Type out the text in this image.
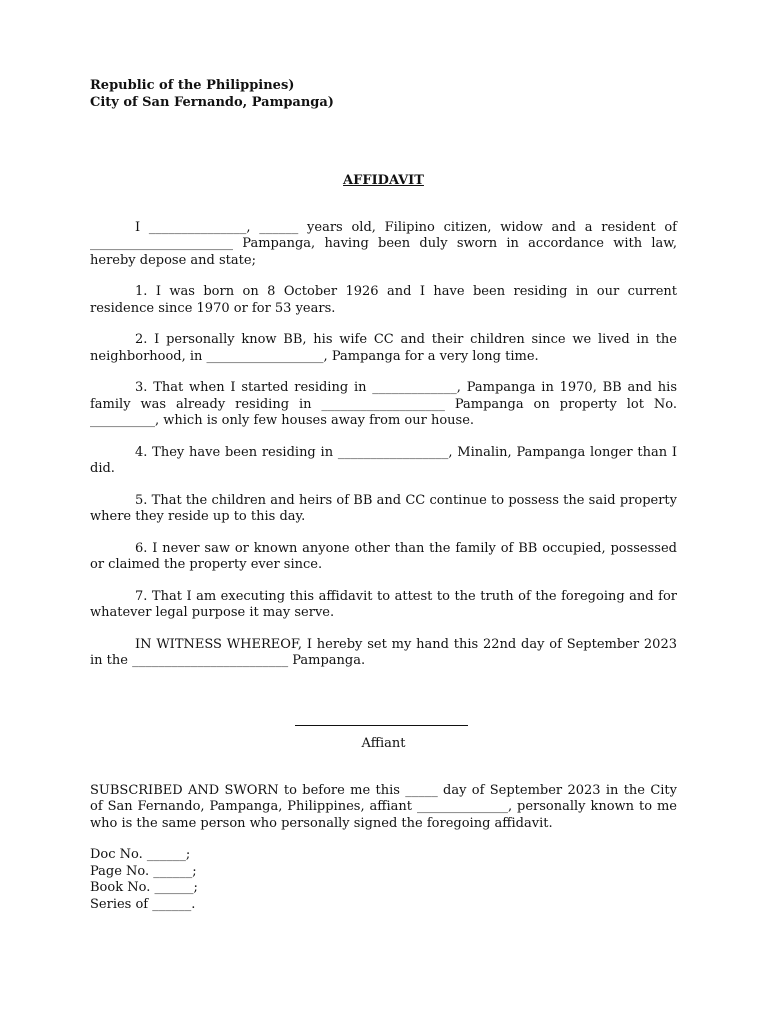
Republic of the Philippines)

City of San Fernando, Pampanga)

AFFIDAVIT

I _______________, ______ years old, Filipino citizen, widow and a resident of ______________________ Pampanga, having been duly sworn in accordance with law, hereby depose and state;

1. I was born on 8 October 1926 and I have been residing in our current residence since 1970 or for 53 years.

2. I personally know BB, his wife CC and their children since we lived in the neighborhood, in __________________, Pampanga for a very long time.

3. That when I started residing in _____________, Pampanga in 1970, BB and his family was already residing in ___________________ Pampanga on property lot No. __________, which is only few houses away from our house.

4. They have been residing in _________________, Minalin, Pampanga longer than I did.

5. That the children and heirs of BB and CC continue to possess the said property where they reside up to this day.

6. I never saw or known anyone other than the family of BB occupied, possessed or claimed the property ever since.

7. That I am executing this affidavit to attest to the truth of the foregoing and for whatever legal purpose it may serve.

IN WITNESS WHEREOF, I hereby set my hand this 22nd day of September 2023 in the ________________________ Pampanga.

Affiant

SUBSCRIBED AND SWORN to before me this _____ day of September 2023 in the City of San Fernando, Pampanga, Philippines, affiant ______________, personally known to me who is the same person who personally signed the foregoing affidavit.

Doc No. ______;
Page No. ______;
Book No. ______;
Series of ______.
